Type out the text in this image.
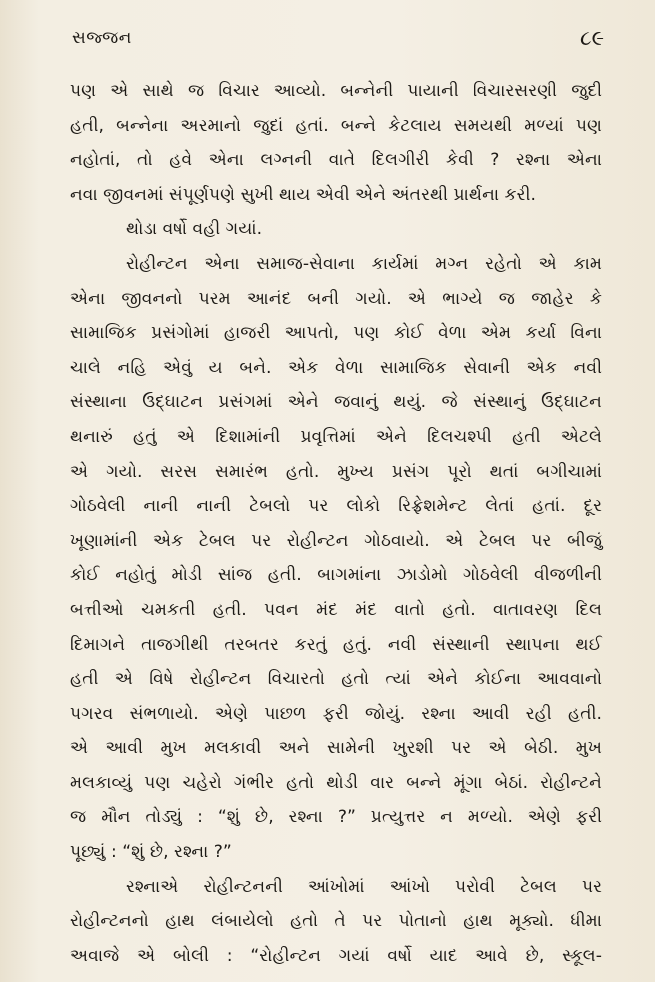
સજ્જન	૮૯
પણ એ સાથે જ વિચાર આવ્યો. બન્નેની પાયાની વિચારસરણી જુદી
હતી, બન્નેના અરમાનો જુદાં હતાં. બન્ને કેટલાય સમયથી મળ્યાં પણ
નહોતાં, તો હવે એના લગ્નની વાતે દિલગીરી કેવી ? રશ્ના એના
નવા જીવનમાં સંપૂર્ણપણે સુખી થાય એવી એને અંતરથી પ્રાર્થના કરી.
થોડા વર્ષો વહી ગયાં.
રોહીન્ટન એના સમાજ-સેવાના કાર્યમાં મગ્ન રહેતો એ કામ
એના જીવનનો પરમ આનંદ બની ગયો. એ ભાગ્યે જ જાહેર કે
સામાજિક પ્રસંગોમાં હાજરી આપતો, પણ કોઈ વેળા એમ કર્યા વિના
ચાલે નહિ એવું ય બને. એક વેળા સામાજિક સેવાની એક નવી
સંસ્થાના ઉદ્‌ઘાટન પ્રસંગમાં એને જવાનું થયું. જે સંસ્થાનું ઉદ્‌ઘાટન
થનારું હતું એ દિશામાંની પ્રવૃત્તિમાં એને દિલચશ્પી હતી એટલે
એ ગયો. સરસ સમારંભ હતો. મુખ્ય પ્રસંગ પૂરો થતાં બગીચામાં
ગોઠવેલી નાની નાની ટેબલો પર લોકો રિફ્રેશમેન્ટ લેતાં હતાં. દૂર
ખૂણામાંની એક ટેબલ પર રોહીન્ટન ગોઠવાયો. એ ટેબલ પર બીજું
કોઈ નહોતું મોડી સાંજ હતી. બાગમાંના ઝાડોમો ગોઠવેલી વીજળીની
બત્તીઓ ચમકતી હતી. પવન મંદ મંદ વાતો હતો. વાતાવરણ દિલ
દિમાગને તાજગીથી તરબતર કરતું હતું. નવી સંસ્થાની સ્થાપના થઈ
હતી એ વિષે રોહીન્ટન વિચારતો હતો ત્યાં એને કોઈના આવવાનો
પગરવ સંભળાયો. એણે પાછળ ફરી જોયું. રશ્ના આવી રહી હતી.
એ આવી મુખ મલકાવી અને સામેની ખુરશી પર એ બેઠી. મુખ
મલકાવ્યું પણ ચહેરો ગંભીર હતો થોડી વાર બન્ને મૂંગા બેઠાં. રોહીન્ટને
જ મૌન તોડ્યું : “શું છે, રશ્ના ?” પ્રત્યુત્તર ન મળ્યો. એણે ફરી
પૂછ્યું : “શું છે, રશ્ના ?”
રશ્નાએ રોહીન્ટનની આંખોમાં આંખો પરોવી ટેબલ પર
રોહીન્ટનનો હાથ લંબાયેલો હતો તે પર પોતાનો હાથ મૂક્યો. ધીમા
અવાજે એ બોલી : “રોહીન્ટન ગયાં વર્ષો યાદ આવે છે, સ્કૂલ-
